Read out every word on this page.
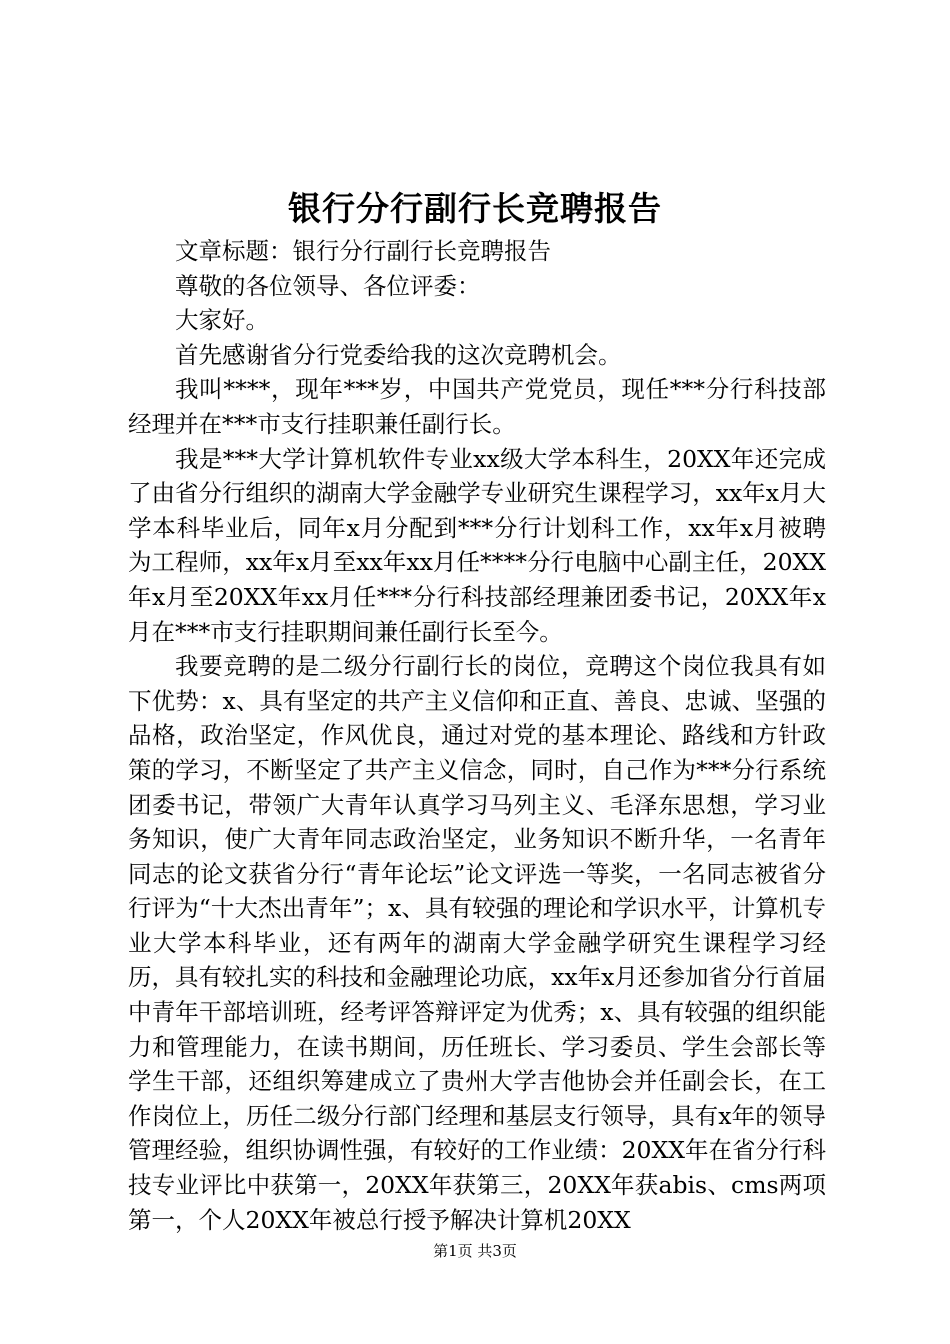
银行分行副行长竞聘报告

文章标题：银行分行副行长竞聘报告

尊敬的各位领导、各位评委：

大家好。

首先感谢省分行党委给我的这次竞聘机会。

我叫****，现年***岁，中国共产党党员，现任***分行科技部经理并在***市支行挂职兼任副行长。

我是***大学计算机软件专业xx级大学本科生，20XX年还完成了由省分行组织的湖南大学金融学专业研究生课程学习，xx年x月大学本科毕业后，同年x月分配到***分行计划科工作，xx年x月被聘为工程师，xx年x月至xx年xx月任****分行电脑中心副主任，20XX年x月至20XX年xx月任***分行科技部经理兼团委书记，20XX年x月在***市支行挂职期间兼任副行长至今。

我要竞聘的是二级分行副行长的岗位，竞聘这个岗位我具有如下优势：x、具有坚定的共产主义信仰和正直、善良、忠诚、坚强的品格，政治坚定，作风优良，通过对党的基本理论、路线和方针政策的学习，不断坚定了共产主义信念，同时，自己作为***分行系统团委书记，带领广大青年认真学习马列主义、毛泽东思想，学习业务知识，使广大青年同志政治坚定，业务知识不断升华，一名青年同志的论文获省分行“青年论坛”论文评选一等奖，一名同志被省分行评为“十大杰出青年”；x、具有较强的理论和学识水平，计算机专业大学本科毕业，还有两年的湖南大学金融学研究生课程学习经历，具有较扎实的科技和金融理论功底，xx年x月还参加省分行首届中青年干部培训班，经考评答辩评定为优秀；x、具有较强的组织能力和管理能力，在读书期间，历任班长、学习委员、学生会部长等学生干部，还组织筹建成立了贵州大学吉他协会并任副会长，在工作岗位上，历任二级分行部门经理和基层支行领导，具有x年的领导管理经验，组织协调性强，有较好的工作业绩：20XX年在省分行科技专业评比中获第一，20XX年获第三，20XX年获abis、cms两项第一，个人20XX年被总行授予解决计算机20XX

第1页 共3页
